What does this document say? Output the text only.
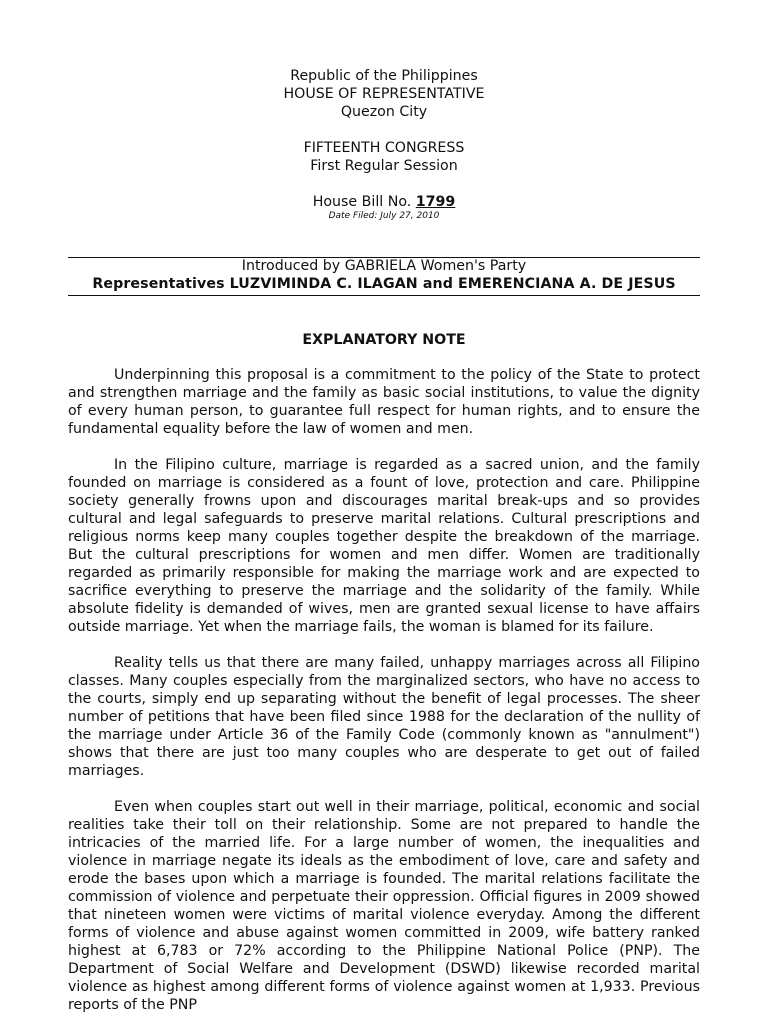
Republic of the Philippines
HOUSE OF REPRESENTATIVE
Quezon City
FIFTEENTH CONGRESS
First Regular Session
House Bill No. 1799
Date Filed: July 27, 2010
Introduced by GABRIELA Women's Party
Representatives LUZVIMINDA C. ILAGAN and EMERENCIANA A. DE JESUS
EXPLANATORY NOTE

Underpinning this proposal is a commitment to the policy of the State to protect and strengthen marriage and the family as basic social institutions, to value the dignity of every human person, to guarantee full respect for human rights, and to ensure the fundamental equality before the law of women and men.

In the Filipino culture, marriage is regarded as a sacred union, and the family founded on marriage is considered as a fount of love, protection and care. Philippine society generally frowns upon and discourages marital break-ups and so provides cultural and legal safeguards to preserve marital relations. Cultural prescriptions and religious norms keep many couples together despite the breakdown of the marriage. But the cultural prescriptions for women and men differ. Women are traditionally regarded as primarily responsible for making the marriage work and are expected to sacrifice everything to preserve the marriage and the solidarity of the family. While absolute fidelity is demanded of wives, men are granted sexual license to have affairs outside marriage. Yet when the marriage fails, the woman is blamed for its failure.

Reality tells us that there are many failed, unhappy marriages across all Filipino classes. Many couples especially from the marginalized sectors, who have no access to the courts, simply end up separating without the benefit of legal processes. The sheer number of petitions that have been filed since 1988 for the declaration of the nullity of the marriage under Article 36 of the Family Code (commonly known as "annulment") shows that there are just too many couples who are desperate to get out of failed marriages.

Even when couples start out well in their marriage, political, economic and social realities take their toll on their relationship. Some are not prepared to handle the intricacies of the married life. For a large number of women, the inequalities and violence in marriage negate its ideals as the embodiment of love, care and safety and erode the bases upon which a marriage is founded. The marital relations facilitate the commission of violence and perpetuate their oppression. Official figures in 2009 showed that nineteen women were victims of marital violence everyday. Among the different forms of violence and abuse against women committed in 2009, wife battery ranked highest at 6,783 or 72% according to the Philippine National Police (PNP). The Department of Social Welfare and Development (DSWD) likewise recorded marital violence as highest among different forms of violence against women at 1,933. Previous reports of the PNP
